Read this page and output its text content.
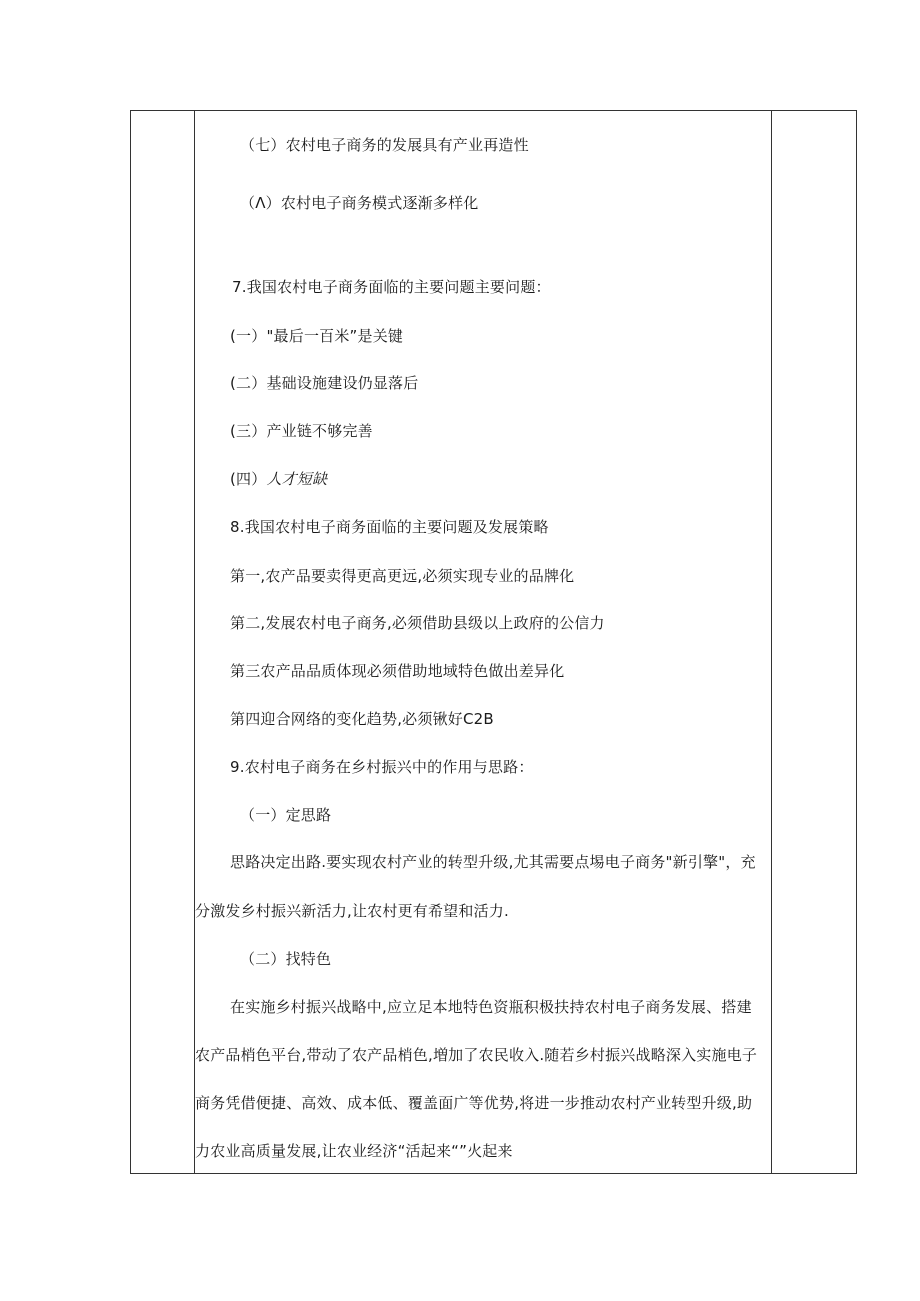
（七）农村电子商务的发展具有产业再造性
（Λ）农村电子商务模式逐渐多样化
7.我国农村电子商务面临的主要问题主要问题：
(一）"最后一百米”是关键
(二）基础设施建设仍显落后
(三）产业链不够完善
(四）人才短缺
8.我国农村电子商务面临的主要问题及发展策略
第一,农产品要卖得更高更远,必须实现专业的品牌化
第二,发展农村电子商务,必须借助县级以上政府的公信力
第三农产品品质体现必须借助地域特色做出差异化
第四迎合网络的变化趋势,必须锹好C2B
9.农村电子商务在乡村振兴中的作用与思路：
（一）定思路
思路决定出路.要实现农村产业的转型升级,尤其需要点埸电子商务"新引擎"，充
分激发乡村振兴新活力,让农村更有希望和活力.
（二）找特色
在实施乡村振兴战略中,应立足本地特色资瓶积极扶持农村电子商务发展、搭建
农产品梢色平台,带动了农产品梢色,増加了农民收入.随若乡村振兴战略深入实施电子
商务凭借便捷、高效、成本低、覆盖面广等优势,将进一步推动农村产业转型升级,助
力农业高质量发展,让农业经济“活起来“”火起来
